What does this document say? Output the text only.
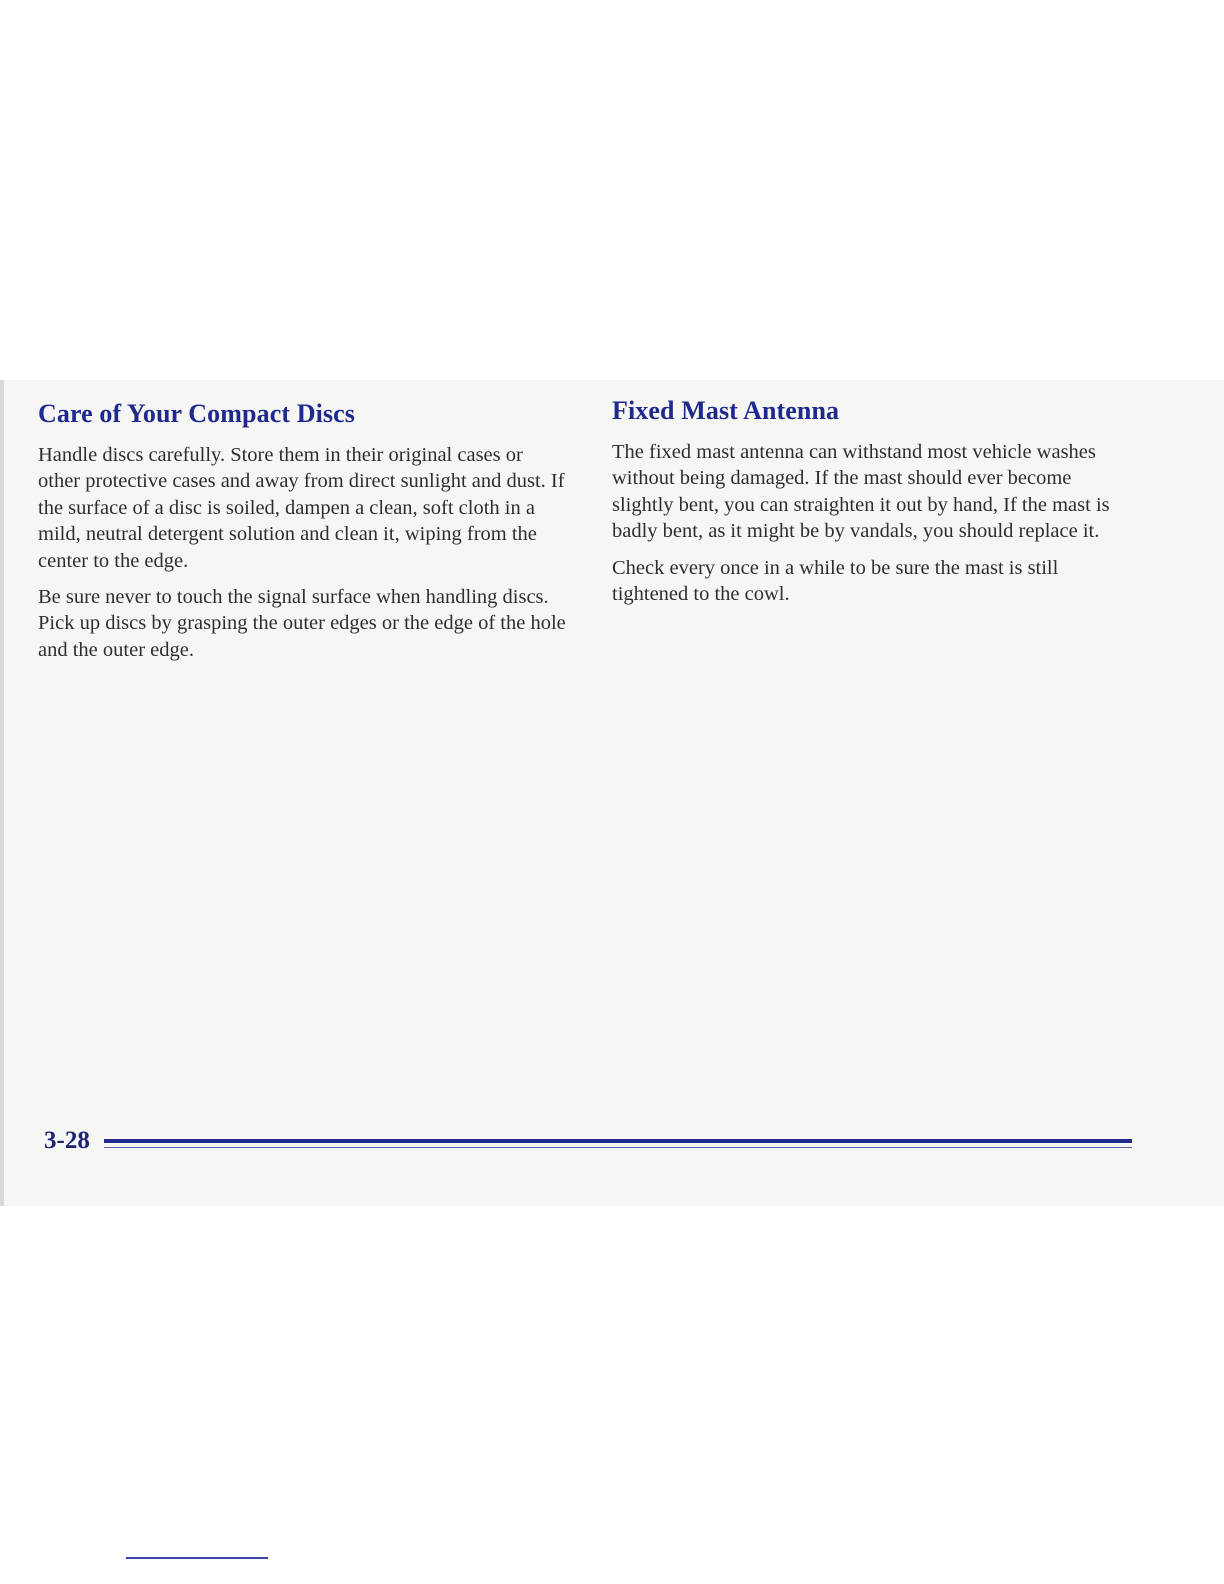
Care of Your Compact Discs

Handle discs carefully. Store them in their original cases or other protective cases and away from direct sunlight and dust. If the surface of a disc is soiled, dampen a clean, soft cloth in a mild, neutral detergent solution and clean it, wiping from the center to the edge.

Be sure never to touch the signal surface when handling discs. Pick up discs by grasping the outer edges or the edge of the hole and the outer edge.

Fixed Mast Antenna

The fixed mast antenna can withstand most vehicle washes without being damaged. If the mast should ever become slightly bent, you can straighten it out by hand, If the mast is badly bent, as it might be by vandals, you should replace it.

Check every once in a while to be sure the mast is still tightened to the cowl.

3-28
